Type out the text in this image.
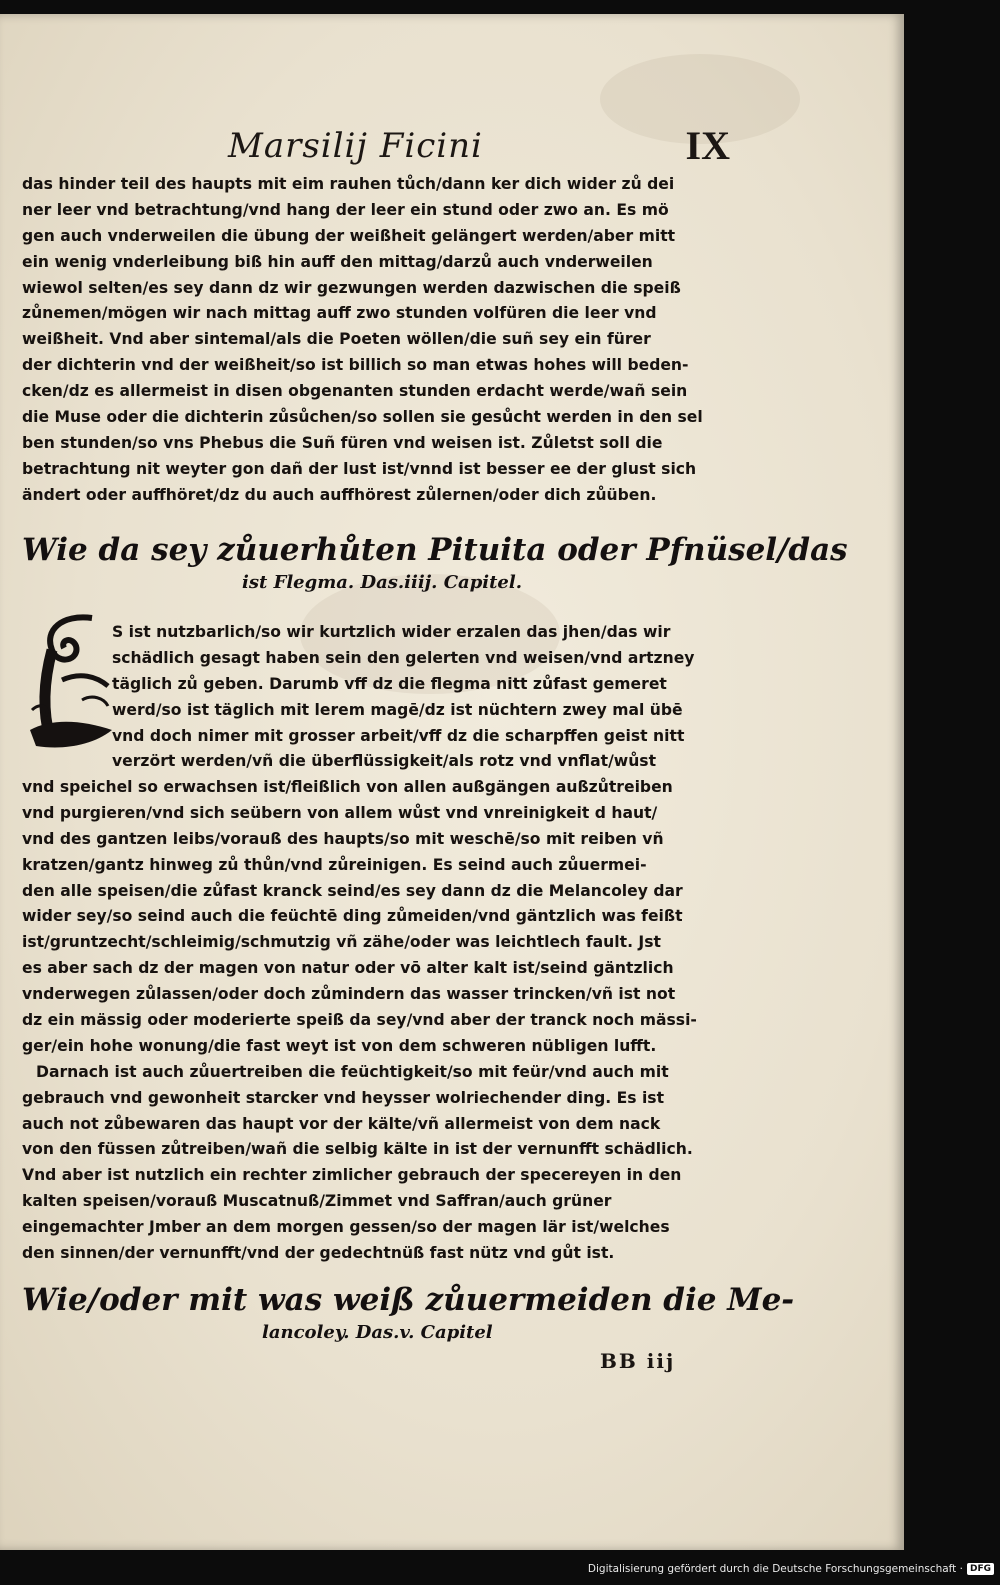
Marsilij Ficini	IX
das hinder teil des haupts mit eim rauhen tůch/dann ker dich wider zů dei
ner leer vnd betrachtung/vnd hang der leer ein stund oder zwo an. Es mö
gen auch vnderweilen die übung der weißheit gelängert werden/aber mitt
ein wenig vnderleibung biß hin auff den mittag/darzů auch vnderweilen
wiewol selten/es sey dann dz wir gezwungen werden dazwischen die speiß
zůnemen/mögen wir nach mittag auff zwo stunden volfüren die leer vnd
weißheit. Vnd aber sintemal/als die Poeten wöllen/die suñ sey ein fürer
der dichterin vnd der weißheit/so ist billich so man etwas hohes will beden-
cken/dz es allermeist in disen obgenanten stunden erdacht werde/wañ sein
die Muse oder die dichterin zůsůchen/so sollen sie gesůcht werden in den sel
ben stunden/so vns Phebus die Suñ füren vnd weisen ist. Zůletst soll die
betrachtung nit weyter gon dañ der lust ist/vnnd ist besser ee der glust sich
ändert oder auffhöret/dz du auch auffhörest zůlernen/oder dich zůüben.
Wie da sey zůuerhůten Pituita oder Pfnüsel/das
ist Flegma. Das.iiij. Capitel.
S ist nutzbarlich/so wir kurtzlich wider erzalen das jhen/das wir
schädlich gesagt haben sein den gelerten vnd weisen/vnd artzney
täglich zů geben. Darumb vff dz die flegma nitt zůfast gemeret
werd/so ist täglich mit lerem magē/dz ist nüchtern zwey mal übē
vnd doch nimer mit grosser arbeit/vff dz die scharpffen geist nitt
verzört werden/vñ die überflüssigkeit/als rotz vnd vnflat/wůst
vnd speichel so erwachsen ist/fleißlich von allen außgängen außzůtreiben
vnd purgieren/vnd sich seübern von allem wůst vnd vnreinigkeit d haut/
vnd des gantzen leibs/vorauß des haupts/so mit weschē/so mit reiben vñ
kratzen/gantz hinweg zů thůn/vnd zůreinigen. Es seind auch zůuermei-
den alle speisen/die zůfast kranck seind/es sey dann dz die Melancoley dar
wider sey/so seind auch die feüchtē ding zůmeiden/vnd gäntzlich was feißt
ist/gruntzecht/schleimig/schmutzig vñ zähe/oder was leichtlech fault. Jst
es aber sach dz der magen von natur oder vō alter kalt ist/seind gäntzlich
vnderwegen zůlassen/oder doch zůmindern das wasser trincken/vñ ist not
dz ein mässig oder moderierte speiß da sey/vnd aber der tranck noch mässi-
ger/ein hohe wonung/die fast weyt ist von dem schweren nübligen lufft.
Darnach ist auch zůuertreiben die feüchtigkeit/so mit feür/vnd auch mit
gebrauch vnd gewonheit starcker vnd heysser wolriechender ding. Es ist
auch not zůbewaren das haupt vor der kälte/vñ allermeist von dem nack
von den füssen zůtreiben/wañ die selbig kälte in ist der vernunfft schädlich.
Vnd aber ist nutzlich ein rechter zimlicher gebrauch der specereyen in den
kalten speisen/vorauß Muscatnuß/Zimmet vnd Saffran/auch grüner
eingemachter Jmber an dem morgen gessen/so der magen lär ist/welches
den sinnen/der vernunfft/vnd der gedechtnüß fast nütz vnd gůt ist.
Wie/oder mit was weiß zůuermeiden die Me-
lancoley. Das.v. Capitel
BB iij
Digitalisierung gefördert durch die Deutsche Forschungsgemeinschaft · DFG
